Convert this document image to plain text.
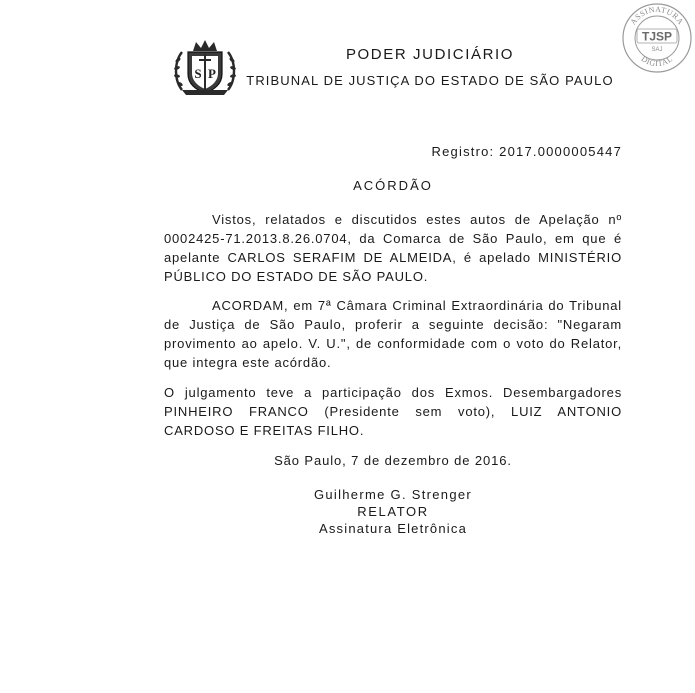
S P
PODER JUDICIÁRIO
TRIBUNAL DE JUSTIÇA DO ESTADO DE SÃO PAULO
ASSINATURA
DIGITAL
TJSP
SAJ
Registro: 2017.0000005447
ACÓRDÃO

Vistos, relatados e discutidos estes autos de Apelação nº 0002425-71.2013.8.26.0704, da Comarca de São Paulo, em que é apelante CARLOS SERAFIM DE ALMEIDA, é apelado MINISTÉRIO PÚBLICO DO ESTADO DE SÃO PAULO.

ACORDAM, em 7ª Câmara Criminal Extraordinária do Tribunal de Justiça de São Paulo, proferir a seguinte decisão: "Negaram provimento ao apelo. V. U.", de conformidade com o voto do Relator, que integra este acórdão.

O julgamento teve a participação dos Exmos. Desembargadores PINHEIRO FRANCO (Presidente sem voto), LUIZ ANTONIO CARDOSO E FREITAS FILHO.

São Paulo, 7 de dezembro de 2016.
Guilherme G. Strenger
RELATOR
Assinatura Eletrônica
